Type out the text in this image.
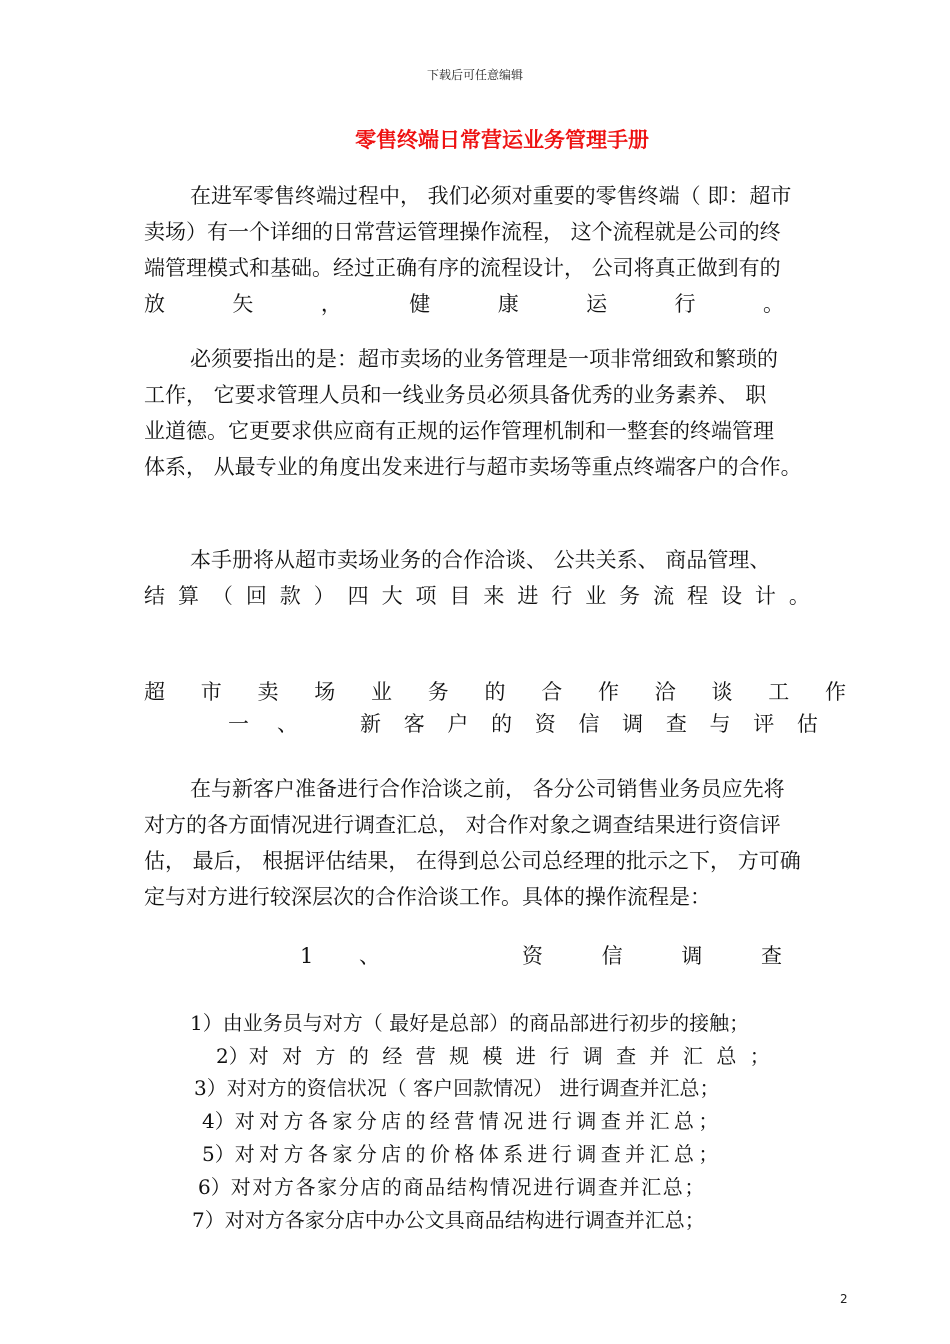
下载后可任意编辑
零售终端日常营运业务管理手册
在进军零售终端过程中， 我们必须对重要的零售终端（ 即：超市
卖场）有一个详细的日常营运管理操作流程， 这个流程就是公司的终
端管理模式和基础。经过正确有序的流程设计， 公司将真正做到有的
放	矢	，	健	康	运	行	。
必须要指出的是：超市卖场的业务管理是一项非常细致和繁琐的
工作， 它要求管理人员和一线业务员必须具备优秀的业务素养、 职
业道德。它更要求供应商有正规的运作管理机制和一整套的终端管理
体系， 从最专业的角度出发来进行与超市卖场等重点终端客户的合作。
本手册将从超市卖场业务的合作洽谈、 公共关系、 商品管理、
结 算 （ 回 款 ） 四 大 项 目 来 进 行 业 务 流 程 设 计 。
超 市 卖 场 业 务 的 合 作 洽 谈 工 作
一 、	新 客 户 的 资 信 调 查 与 评 估
在与新客户准备进行合作洽谈之前， 各分公司销售业务员应先将
对方的各方面情况进行调查汇总， 对合作对象之调查结果进行资信评
估， 最后， 根据评估结果， 在得到总公司总经理的批示之下， 方可确
定与对方进行较深层次的合作洽谈工作。具体的操作流程是：
1 、	资	信	调	查
1）由业务员与对方（ 最好是总部）的商品部进行初步的接触；
2）对对方的经营规模进行调查并汇总；
3）对对方的资信状况（ 客户回款情况） 进行调查并汇总；
4）对对方各家分店的经营情况进行调查并汇总；
5）对对方各家分店的价格体系进行调查并汇总；
6）对对方各家分店的商品结构情况进行调查并汇总；
7）对对方各家分店中办公文具商品结构进行调查并汇总；
2
